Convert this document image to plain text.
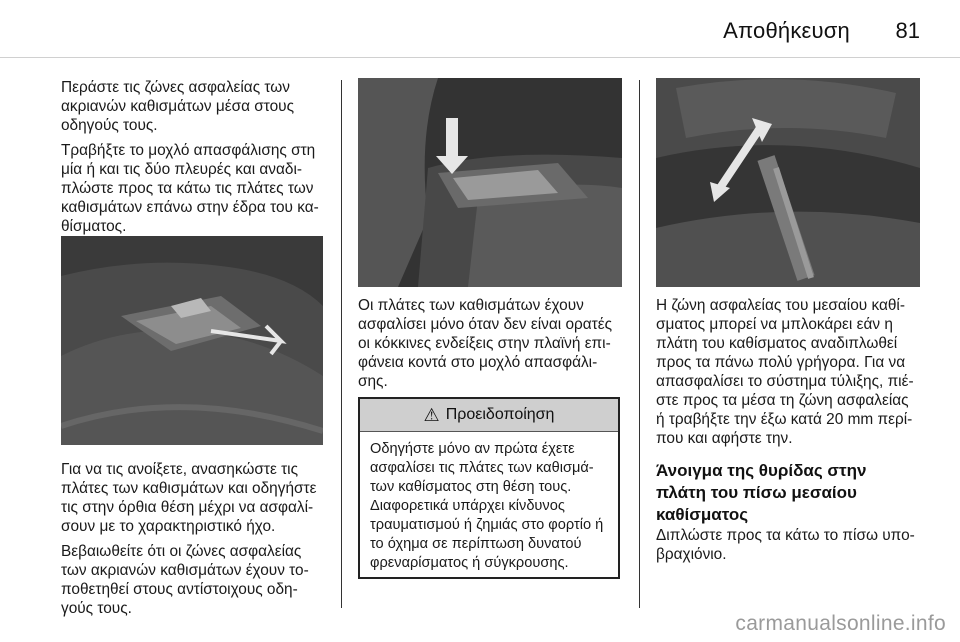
Αποθήκευση 81

Περάστε τις ζώνες ασφαλείας των ακριανών καθισμάτων μέσα στους οδηγούς τους.

Τραβήξτε το μοχλό απασφάλισης στη μία ή και τις δύο πλευρές και αναδι-πλώστε προς τα κάτω τις πλάτες των καθισμάτων επάνω στην έδρα του κα-θίσματος.

Για να τις ανοίξετε, ανασηκώστε τις πλάτες των καθισμάτων και οδηγήστε τις στην όρθια θέση μέχρι να ασφαλί-σουν με το χαρακτηριστικό ήχο.

Βεβαιωθείτε ότι οι ζώνες ασφαλείας των ακριανών καθισμάτων έχουν το-ποθετηθεί στους αντίστοιχους οδη-γούς τους.

Οι πλάτες των καθισμάτων έχουν ασφαλίσει μόνο όταν δεν είναι ορατές οι κόκκινες ενδείξεις στην πλαϊνή επι-φάνεια κοντά στο μοχλό απασφάλι-σης.

⚠ Προειδοποίηση

Οδηγήστε μόνο αν πρώτα έχετε ασφαλίσει τις πλάτες των καθισμά-των καθίσματος στη θέση τους.

Διαφορετικά υπάρχει κίνδυνος τραυματισμού ή ζημιάς στο φορτίο ή το όχημα σε περίπτωση δυνατού φρεναρίσματος ή σύγκρουσης.

Η ζώνη ασφαλείας του μεσαίου καθί-σματος μπορεί να μπλοκάρει εάν η πλάτη του καθίσματος αναδιπλωθεί προς τα πάνω πολύ γρήγορα. Για να απασφαλίσει το σύστημα τύλιξης, πιέ-στε προς τα μέσα τη ζώνη ασφαλείας ή τραβήξτε την έξω κατά 20 mm περί-που και αφήστε την.

Άνοιγμα της θυρίδας στην πλάτη του πίσω μεσαίου καθίσματος

Διπλώστε προς τα κάτω το πίσω υπο-βραχιόνιο.

carmanualsonline.info
